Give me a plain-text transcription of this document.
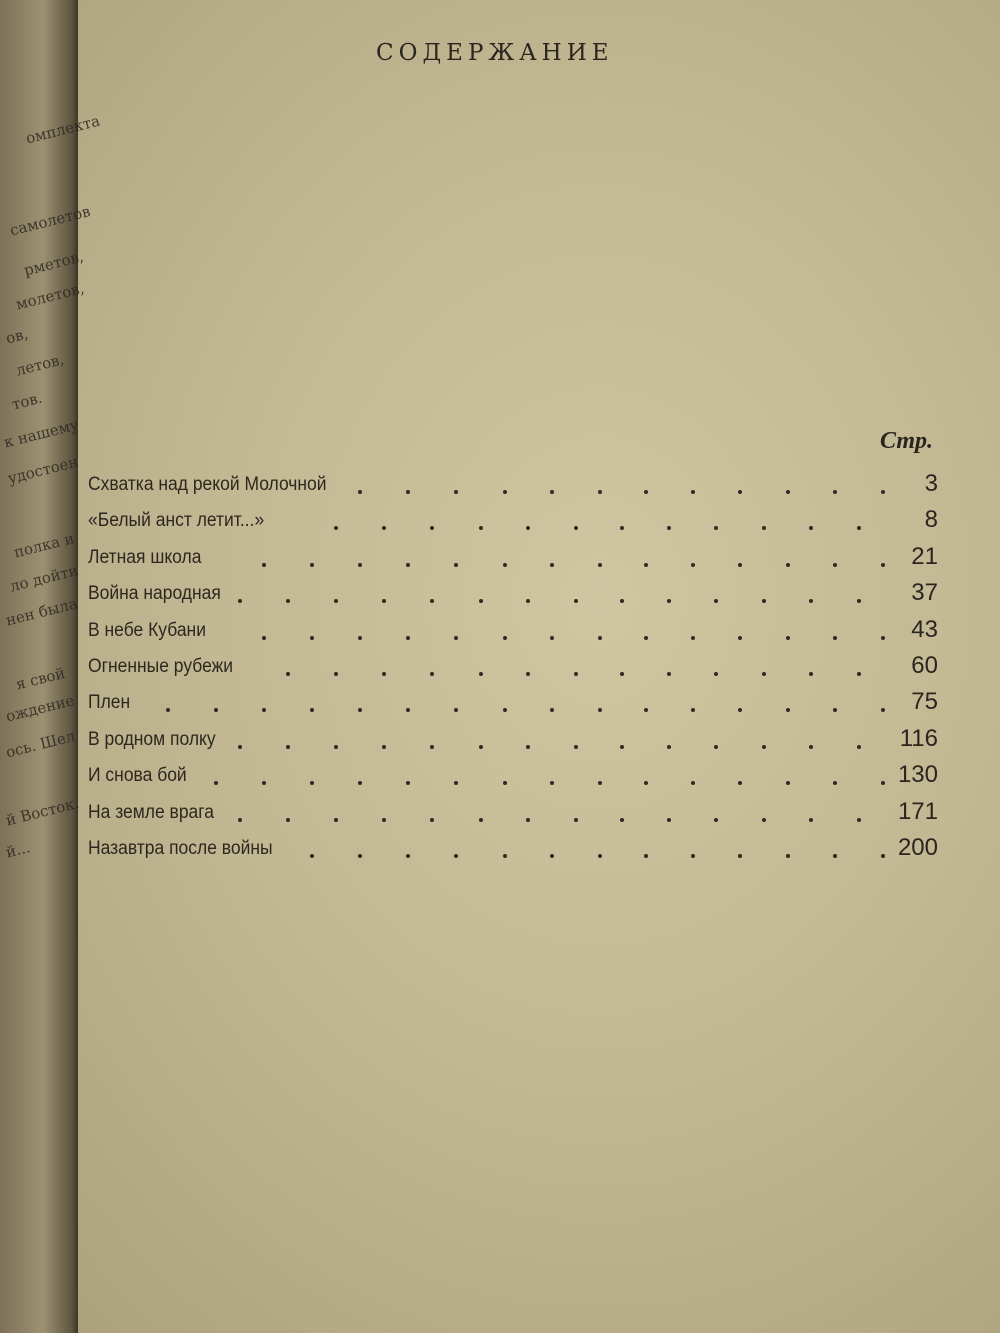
омплекта
самолетов
рметов,
молетов,
ов,
летов,
тов.
к нашему
удостоен
полка и
ло дойти
нен была
я свой
ождение
ось. Шел
й Восток.
й...
СОДЕРЖАНИЕ
Стр.
Схватка над рекой Молочной	3
«Белый анст летит...»	8
Летная школа	21
Война народная	37
В небе Кубани	43
Огненные рубежи	60
Плен	75
В родном полку	116
И снова бой	130
На земле врага	171
Назавтра после войны	200
